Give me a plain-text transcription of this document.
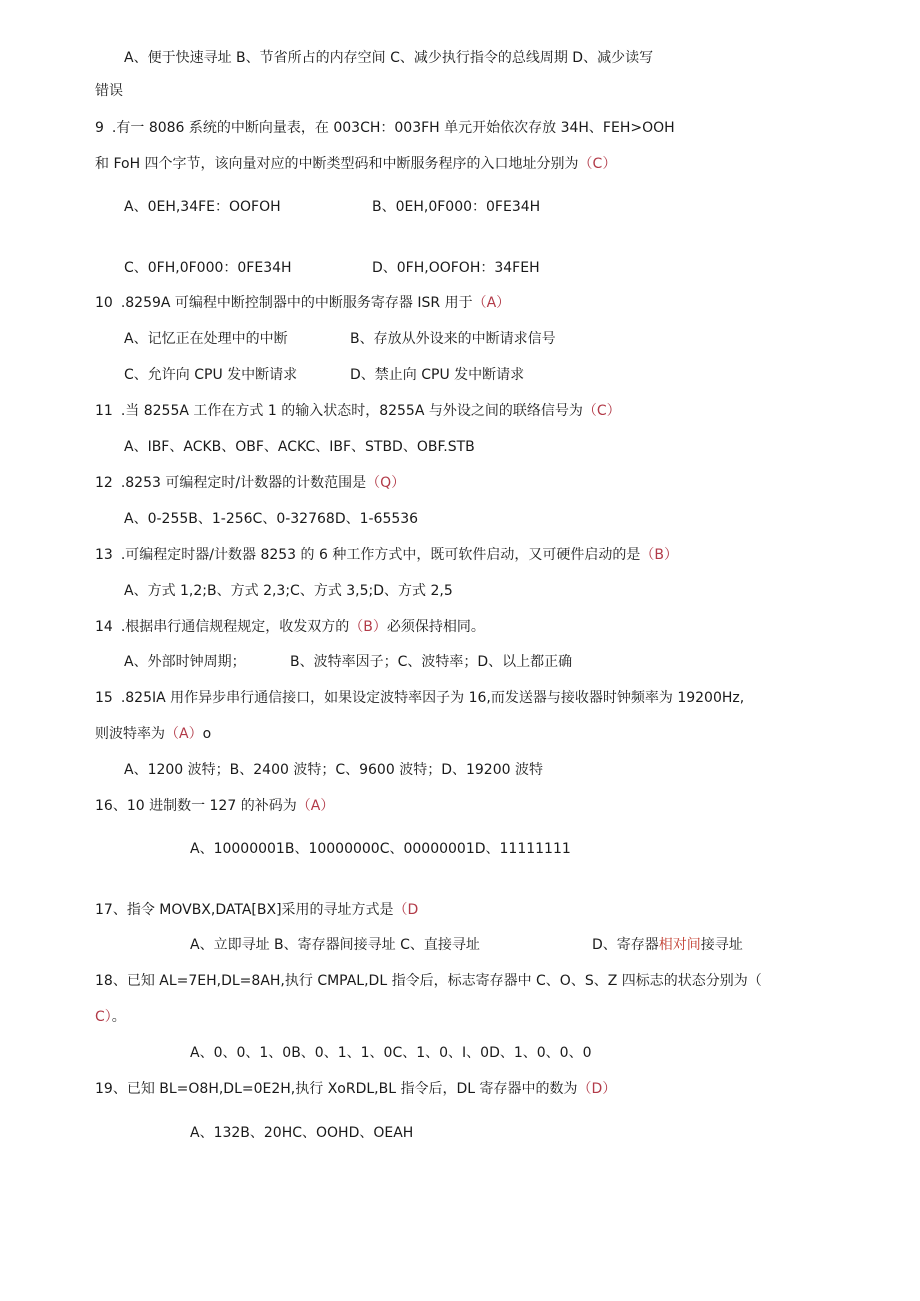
A、便于快速寻址 B、节省所占的内存空间 C、减少执行指令的总线周期 D、减少读写
错误
9 .有一 8086 系统的中断向量表，在 003CH：003FH 单元开始依次存放 34H、FEH>OOH
和 FoH 四个字节，该向量对应的中断类型码和中断服务程序的入口地址分别为（C）
A、0EH,34FE：OOFOH	B、0EH,0F000：0FE34H
C、0FH,0F000：0FE34H	D、0FH,OOFOH：34FEH
10 .8259A 可编程中断控制器中的中断服务寄存器 ISR 用于（A）
A、记忆正在处理中的中断	B、存放从外设来的中断请求信号
C、允许向 CPU 发中断请求	D、禁止向 CPU 发中断请求
11 .当 8255A 工作在方式 1 的输入状态时，8255A 与外设之间的联络信号为（C）
A、IBF、ACKB、OBF、ACKC、IBF、STBD、OBF.STB
12 .8253 可编程定时/计数器的计数范围是（Q）
A、0-255B、1-256C、0-32768D、1-65536
13 .可编程定时器/计数器 8253 的 6 种工作方式中，既可软件启动，又可硬件启动的是（B）
A、方式 1,2;B、方式 2,3;C、方式 3,5;D、方式 2,5
14 .根据串行通信规程规定，收发双方的（B）必须保持相同。
A、外部时钟周期；	B、波特率因子；C、波特率；D、以上都正确
15 .825IA 用作异步串行通信接口，如果设定波特率因子为 16,而发送器与接收器时钟频率为 19200Hz,
则波特率为（A）o
A、1200 波特；B、2400 波特；C、9600 波特；D、19200 波特
16、10 进制数一 127 的补码为（A）
A、10000001B、10000000C、00000001D、11111111
17、指令 MOVBX,DATA[BX]采用的寻址方式是（D
A、立即寻址 B、寄存器间接寻址 C、直接寻址	D、寄存器相对间接寻址
18、已知 AL=7EH,DL=8AH,执行 CMPAL,DL 指令后，标志寄存器中 C、O、S、Z 四标志的状态分别为（
C）。
A、0、0、1、0B、0、1、1、0C、1、0、I、0D、1、0、0、0
19、已知 BL=O8H,DL=0E2H,执行 XoRDL,BL 指令后，DL 寄存器中的数为（D）
A、132B、20HC、OOHD、OEAH
